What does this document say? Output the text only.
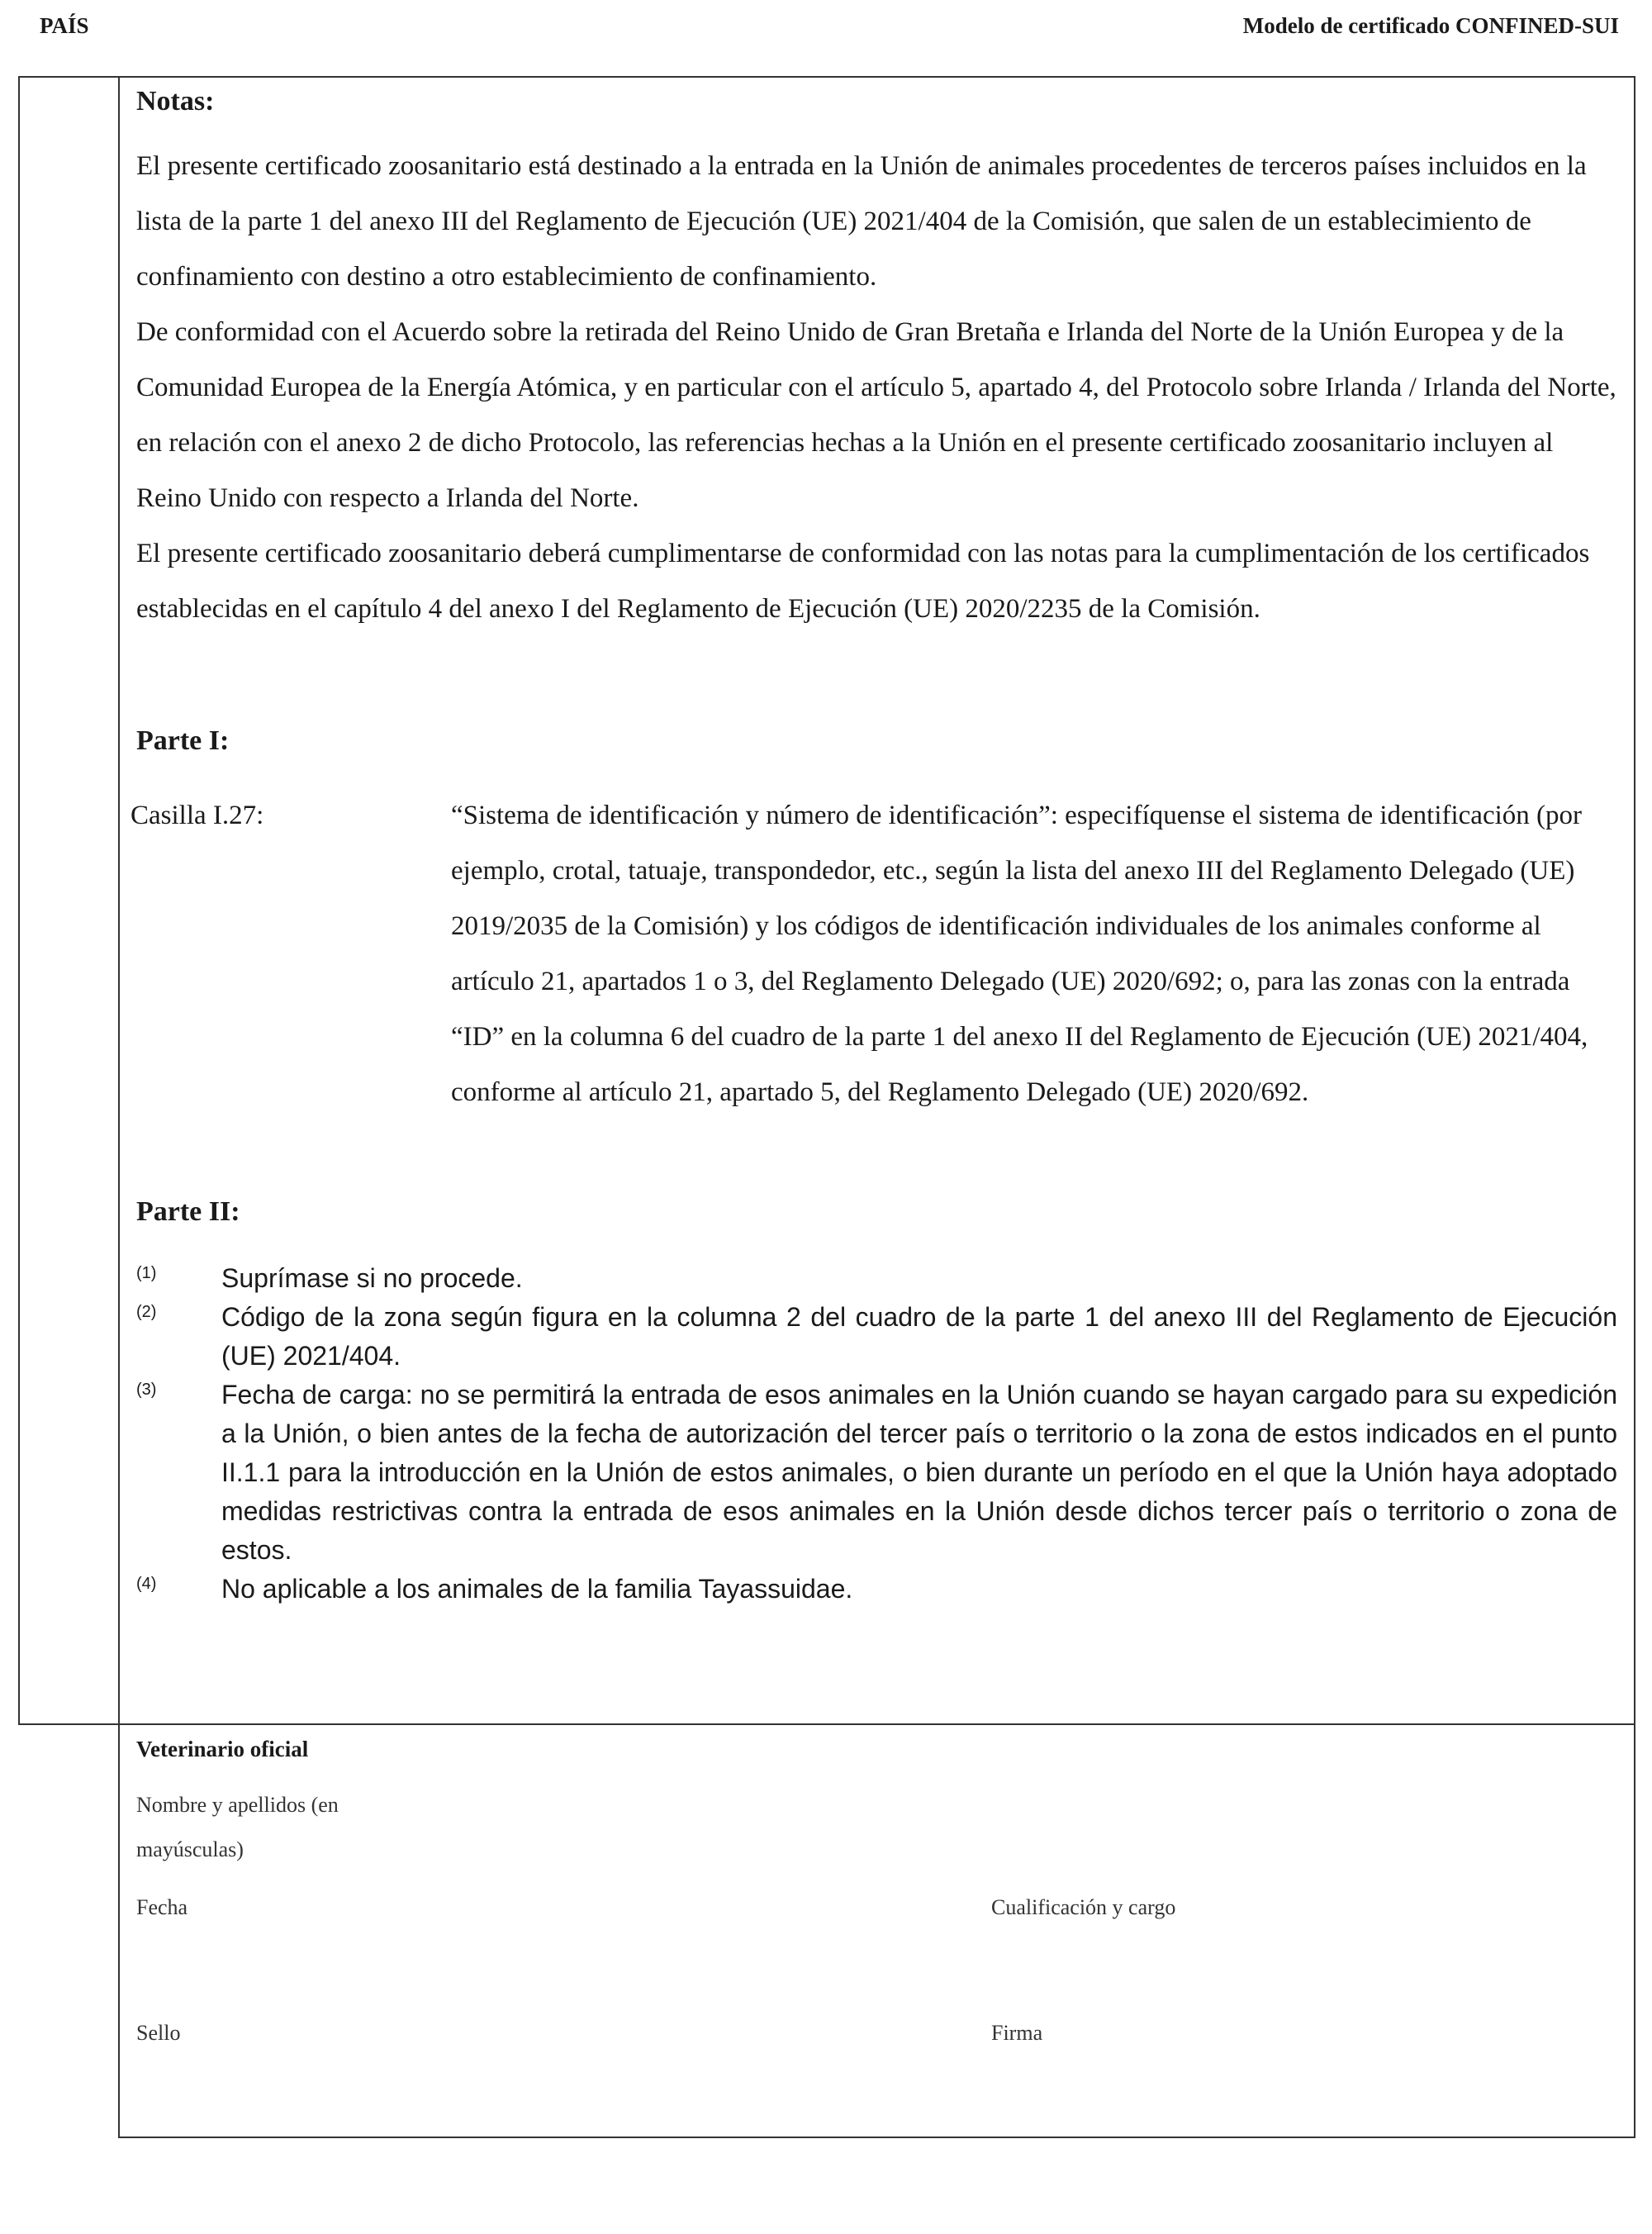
PAÍS	Modelo de certificado CONFINED-SUI
Notas:

El presente certificado zoosanitario está destinado a la entrada en la Unión de animales procedentes de terceros países incluidos en la lista de la parte 1 del anexo III del Reglamento de Ejecución (UE) 2021/404 de la Comisión, que salen de un establecimiento de confinamiento con destino a otro establecimiento de confinamiento.

De conformidad con el Acuerdo sobre la retirada del Reino Unido de Gran Bretaña e Irlanda del Norte de la Unión Europea y de la Comunidad Europea de la Energía Atómica, y en particular con el artículo 5, apartado 4, del Protocolo sobre Irlanda / Irlanda del Norte, en relación con el anexo 2 de dicho Protocolo, las referencias hechas a la Unión en el presente certificado zoosanitario incluyen al Reino Unido con respecto a Irlanda del Norte.

El presente certificado zoosanitario deberá cumplimentarse de conformidad con las notas para la cumplimentación de los certificados establecidas en el capítulo 4 del anexo I del Reglamento de Ejecución (UE) 2020/2235 de la Comisión.

Parte I:
Casilla I.27:	“Sistema de identificación y número de identificación”: especifíquense el sistema de identificación (por ejemplo, crotal, tatuaje, transpondedor, etc., según la lista del anexo III del Reglamento Delegado (UE) 2019/2035 de la Comisión) y los códigos de identificación individuales de los animales conforme al artículo 21, apartados 1 o 3, del Reglamento Delegado (UE) 2020/692; o, para las zonas con la entrada “ID” en la columna 6 del cuadro de la parte 1 del anexo II del Reglamento de Ejecución (UE) 2021/404, conforme al artículo 21, apartado 5, del Reglamento Delegado (UE) 2020/692.
Parte II:
(1) Suprímase si no procede.
(2) Código de la zona según figura en la columna 2 del cuadro de la parte 1 del anexo III del Reglamento de Ejecución (UE) 2021/404.
(3) Fecha de carga: no se permitirá la entrada de esos animales en la Unión cuando se hayan cargado para su expedición a la Unión, o bien antes de la fecha de autorización del tercer país o territorio o la zona de estos indicados en el punto II.1.1 para la introducción en la Unión de estos animales, o bien durante un período en el que la Unión haya adoptado medidas restrictivas contra la entrada de esos animales en la Unión desde dichos tercer país o territorio o zona de estos.
(4) No aplicable a los animales de la familia Tayassuidae.
Veterinario oficial
Nombre y apellidos (en
mayúsculas)
Fecha	Cualificación y cargo
Sello	Firma
